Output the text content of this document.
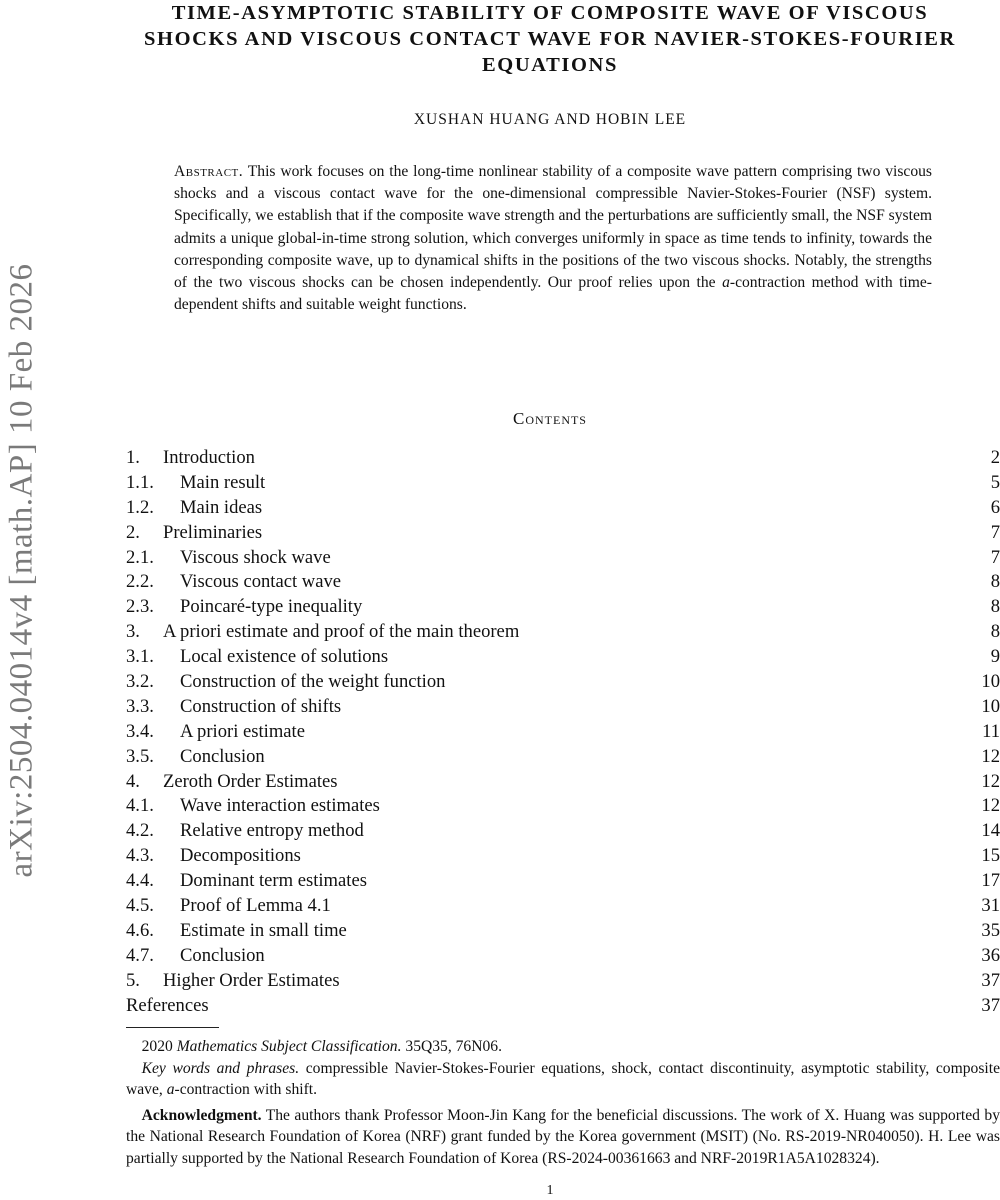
arXiv:2504.04014v4 [math.AP] 10 Feb 2026
TIME-ASYMPTOTIC STABILITY OF COMPOSITE WAVE OF VISCOUS
SHOCKS AND VISCOUS CONTACT WAVE FOR NAVIER-STOKES-FOURIER
EQUATIONS
XUSHAN HUANG AND HOBIN LEE
Abstract. This work focuses on the long-time nonlinear stability of a composite wave pattern comprising two viscous shocks and a viscous contact wave for the one-dimensional compressible Navier-Stokes-Fourier (NSF) system. Specifically, we establish that if the composite wave strength and the perturbations are sufficiently small, the NSF system admits a unique global-in-time strong solution, which converges uniformly in space as time tends to infinity, towards the corresponding composite wave, up to dynamical shifts in the positions of the two viscous shocks. Notably, the strengths of the two viscous shocks can be chosen independently. Our proof relies upon the a-contraction method with time-dependent shifts and suitable weight functions.
Contents
1.	Introduction	2
1.1.	Main result	5
1.2.	Main ideas	6
2.	Preliminaries	7
2.1.	Viscous shock wave	7
2.2.	Viscous contact wave	8
2.3.	Poincaré-type inequality	8
3.	A priori estimate and proof of the main theorem	8
3.1.	Local existence of solutions	9
3.2.	Construction of the weight function	10
3.3.	Construction of shifts	10
3.4.	A priori estimate	11
3.5.	Conclusion	12
4.	Zeroth Order Estimates	12
4.1.	Wave interaction estimates	12
4.2.	Relative entropy method	14
4.3.	Decompositions	15
4.4.	Dominant term estimates	17
4.5.	Proof of Lemma 4.1	31
4.6.	Estimate in small time	35
4.7.	Conclusion	36
5.	Higher Order Estimates	37
References	37

2020 Mathematics Subject Classification. 35Q35, 76N06.

Key words and phrases. compressible Navier-Stokes-Fourier equations, shock, contact discontinuity, asymptotic stability, composite wave, a-contraction with shift.

Acknowledgment. The authors thank Professor Moon-Jin Kang for the beneficial discussions. The work of X. Huang was supported by the National Research Foundation of Korea (NRF) grant funded by the Korea government (MSIT) (No. RS-2019-NR040050). H. Lee was partially supported by the National Research Foundation of Korea (RS-2024-00361663 and NRF-2019R1A5A1028324).

1
